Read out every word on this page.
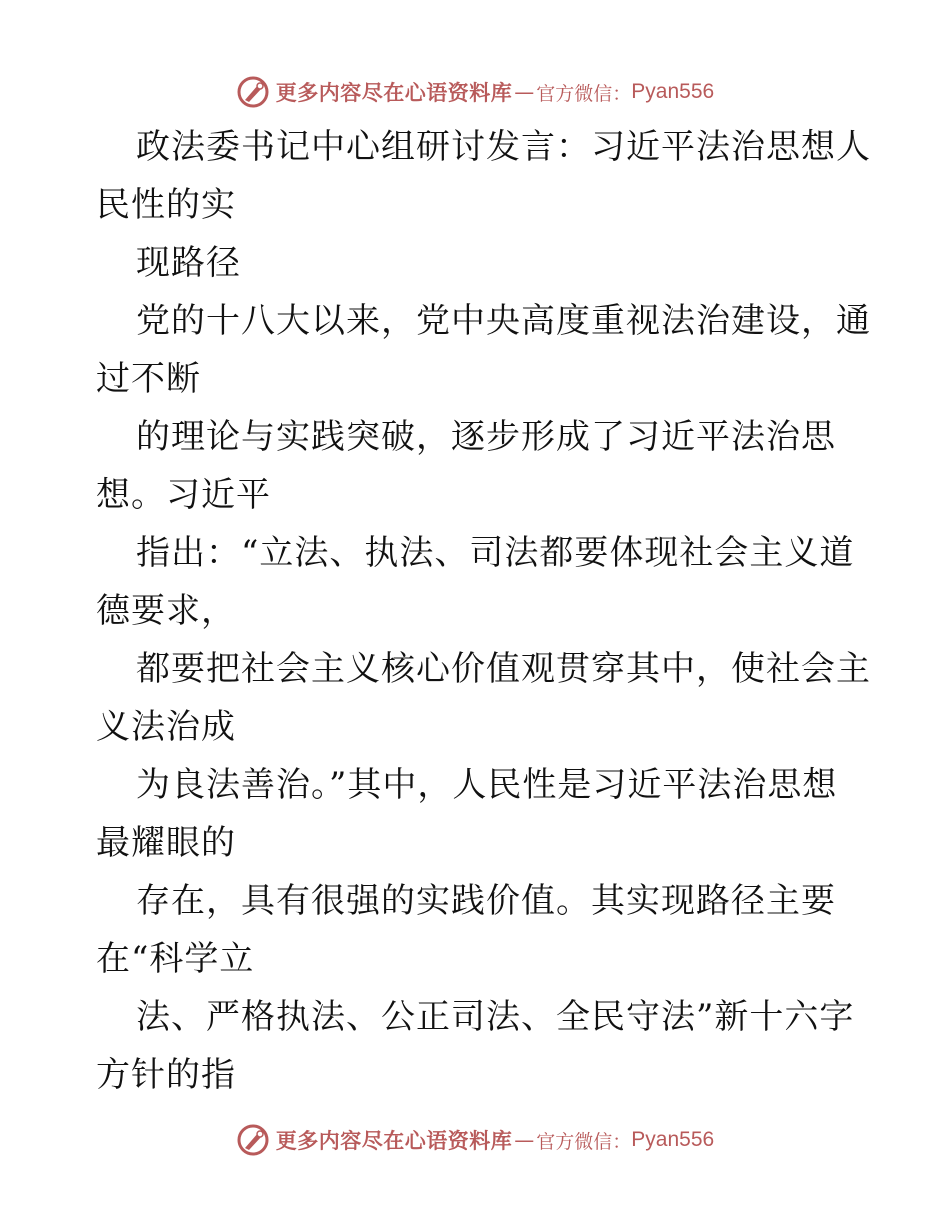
更多内容尽在心语资料库 — 官方微信： Pyan556
政法委书记中心组研讨发言：习近平法治思想人
民性的实
现路径
党的十八大以来，党中央高度重视法治建设，通
过不断
的理论与实践突破，逐步形成了习近平法治思
想。习近平
指出：“立法、执法、司法都要体现社会主义道
德要求，
都要把社会主义核心价值观贯穿其中，使社会主
义法治成
为良法善治。”其中，人民性是习近平法治思想
最耀眼的
存在，具有很强的实践价值。其实现路径主要
在“科学立
法、严格执法、公正司法、全民守法”新十六字
方针的指
更多内容尽在心语资料库 — 官方微信： Pyan556
